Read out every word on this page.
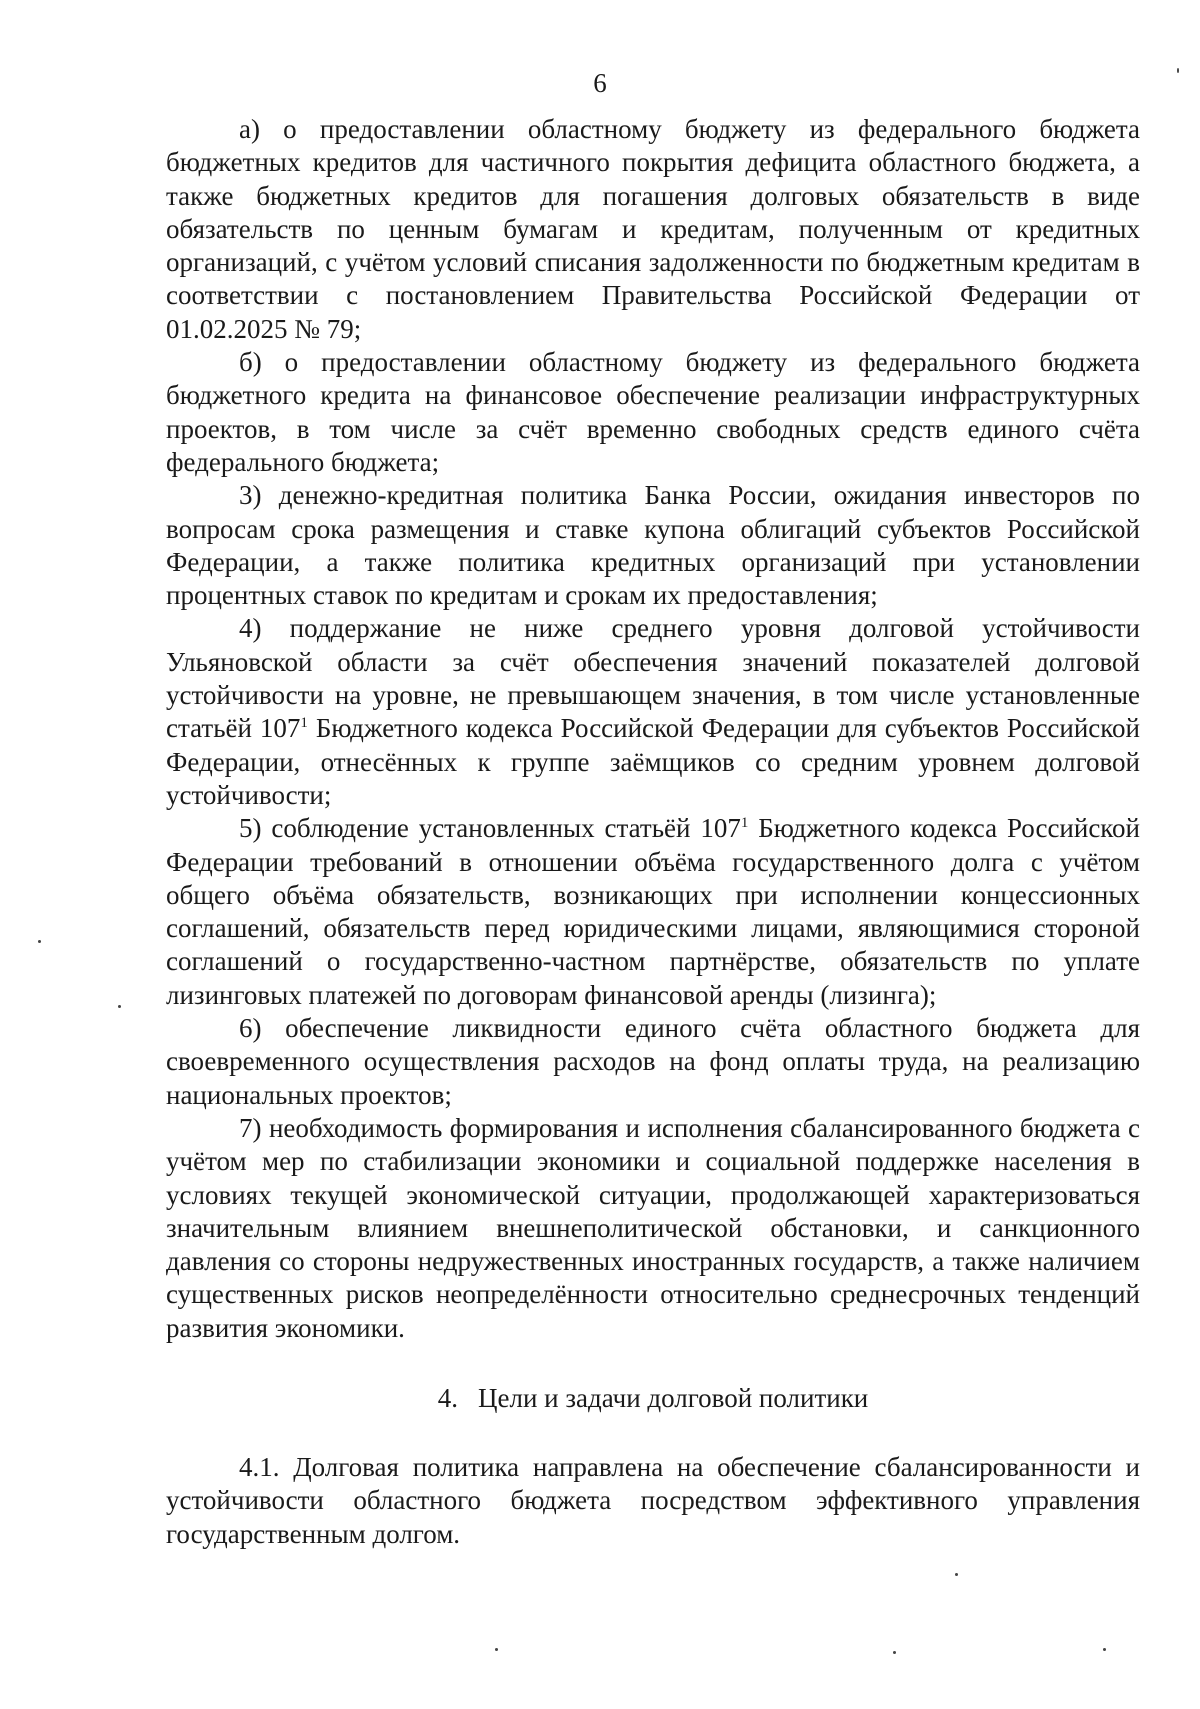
6

а) о предоставлении областному бюджету из федерального бюджета бюджетных кредитов для частичного покрытия дефицита областного бюджета, а также бюджетных кредитов для погашения долговых обязательств в виде обязательств по ценным бумагам и кредитам, полученным от кредитных организаций, с учётом условий списания задолженности по бюджетным кредитам в соответствии с постановлением Правительства Российской Федерации от 01.02.2025 № 79;

б) о предоставлении областному бюджету из федерального бюджета бюджетного кредита на финансовое обеспечение реализации инфраструктурных проектов, в том числе за счёт временно свободных средств единого счёта федерального бюджета;

3) денежно-кредитная политика Банка России, ожидания инвесторов по вопросам срока размещения и ставке купона облигаций субъектов Российской Федерации, а также политика кредитных организаций при установлении процентных ставок по кредитам и срокам их предоставления;

4) поддержание не ниже среднего уровня долговой устойчивости Ульяновской области за счёт обеспечения значений показателей долговой устойчивости на уровне, не превышающем значения, в том числе установленные статьёй $107^1$ Бюджетного кодекса Российской Федерации для субъектов Российской Федерации, отнесённых к группе заёмщиков со средним уровнем долговой устойчивости;

5) соблюдение установленных статьёй $107^1$ Бюджетного кодекса Российской Федерации требований в отношении объёма государственного долга с учётом общего объёма обязательств, возникающих при исполнении концессионных соглашений, обязательств перед юридическими лицами, являющимися стороной соглашений о государственно-частном партнёрстве, обязательств по уплате лизинговых платежей по договорам финансовой аренды (лизинга);

6) обеспечение ликвидности единого счёта областного бюджета для своевременного осуществления расходов на фонд оплаты труда, на реализацию национальных проектов;

7) необходимость формирования и исполнения сбалансированного бюджета с учётом мер по стабилизации экономики и социальной поддержке населения в условиях текущей экономической ситуации, продолжающей характеризоваться значительным влиянием внешнеполитической обстановки, и санкционного давления со стороны недружественных иностранных государств, а также наличием существенных рисков неопределённости относительно среднесрочных тенденций развития экономики.

4. Цели и задачи долговой политики

4.1. Долговая политика направлена на обеспечение сбалансированности и устойчивости областного бюджета посредством эффективного управления государственным долгом.
